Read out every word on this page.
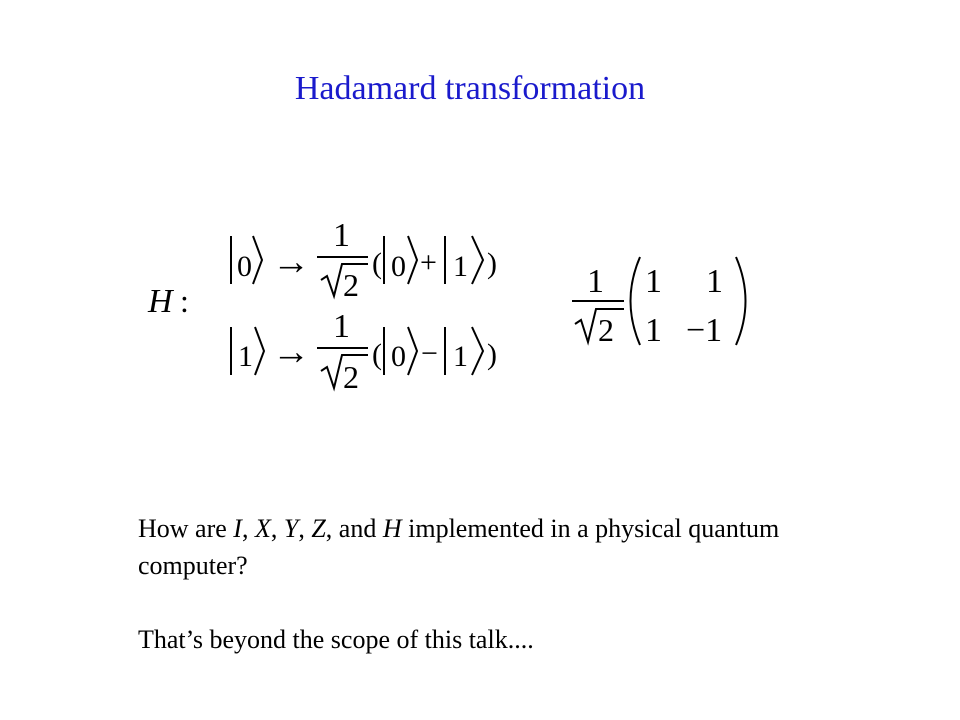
Hadamard transformation
H :
0 →
1
2
( 0 + 1 )
1 →
1
2
( 0 − 1 )
1
2
1 1
1 −1

How are I, X, Y, Z, and H implemented in a physical quantum computer?

That’s beyond the scope of this talk....
